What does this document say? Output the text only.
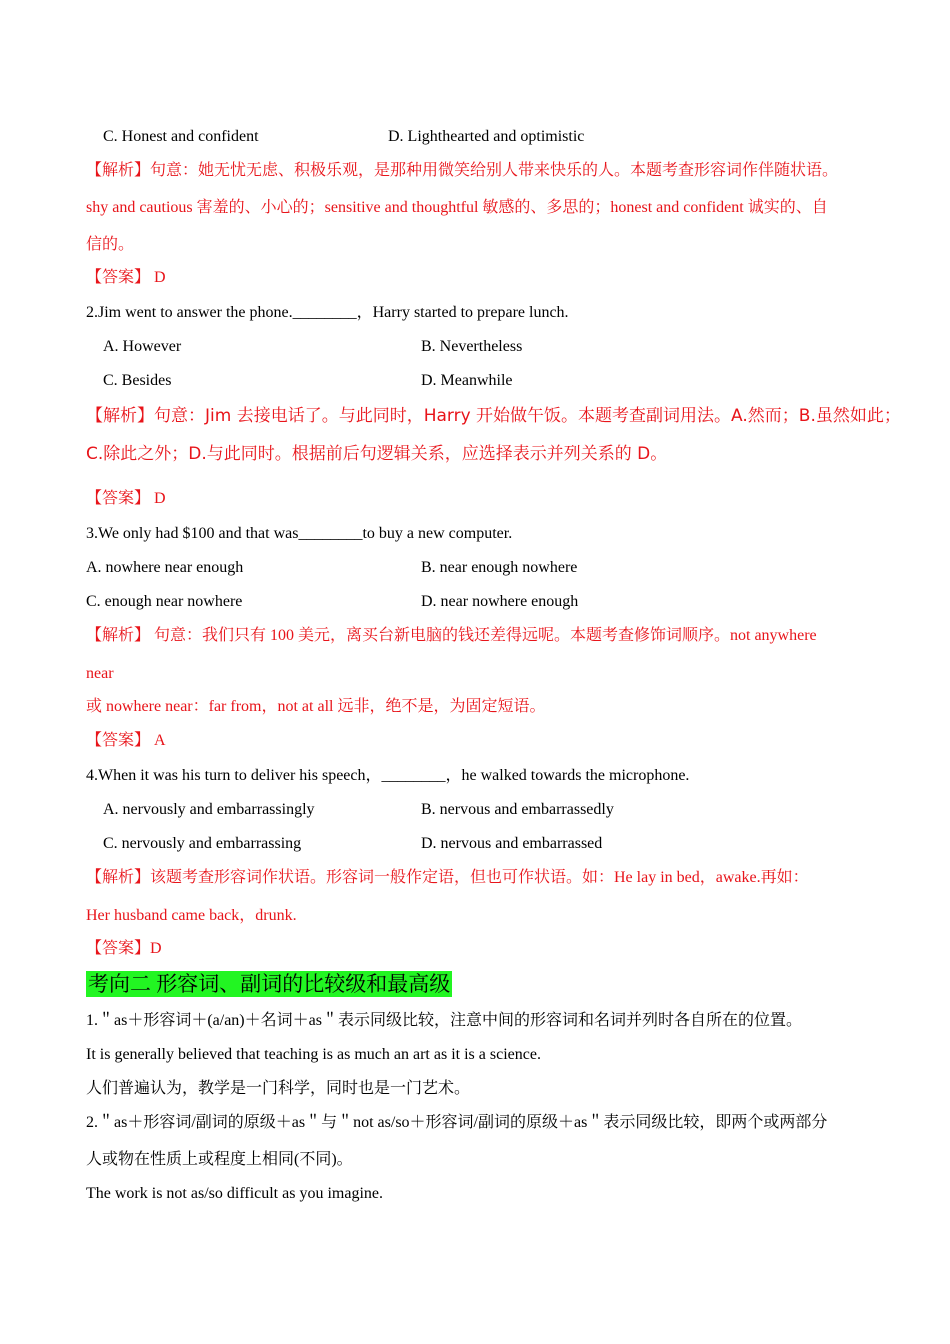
C. Honest and confident	D. Lighthearted and optimistic
【解析】句意：她无忧无虑、积极乐观，是那种用微笑给别人带来快乐的人。本题考查形容词作伴随状语。
shy and cautious 害羞的、小心的；sensitive and thoughtful 敏感的、多思的；honest and confident 诚实的、自
信的。
【答案】 D
2.Jim went to answer the phone.________，Harry started to prepare lunch.
A. However	B. Nevertheless
C. Besides	D. Meanwhile
【解析】句意：Jim 去接电话了。与此同时，Harry 开始做午饭。本题考查副词用法。A.然而；B.虽然如此；
C.除此之外；D.与此同时。根据前后句逻辑关系，应选择表示并列关系的 D。
【答案】 D
3.We only had $100 and that was________to buy a new computer.
A. nowhere near enough	B. near enough nowhere
C. enough near nowhere	D. near nowhere enough
【解析】 句意：我们只有 100 美元，离买台新电脑的钱还差得远呢。本题考查修饰词顺序。not anywhere
near
或 nowhere near：far from，not at all 远非，绝不是，为固定短语。
【答案】 A
4.When it was his turn to deliver his speech，________，he walked towards the microphone.
A. nervously and embarrassingly	B. nervous and embarrassedly
C. nervously and embarrassing	D. nervous and embarrassed
【解析】该题考查形容词作状语。形容词一般作定语，但也可作状语。如：He lay in bed，awake.再如：
Her husband came back，drunk.
【答案】D
考向二 形容词、副词的比较级和最高级
1.＂as＋形容词＋(a/an)＋名词＋as＂表示同级比较，注意中间的形容词和名词并列时各自所在的位置。
It is generally believed that teaching is as much an art as it is a science.
人们普遍认为，教学是一门科学，同时也是一门艺术。
2.＂as＋形容词/副词的原级＋as＂与＂not as/so＋形容词/副词的原级＋as＂表示同级比较，即两个或两部分
人或物在性质上或程度上相同(不同)。
The work is not as/so difficult as you imagine.
